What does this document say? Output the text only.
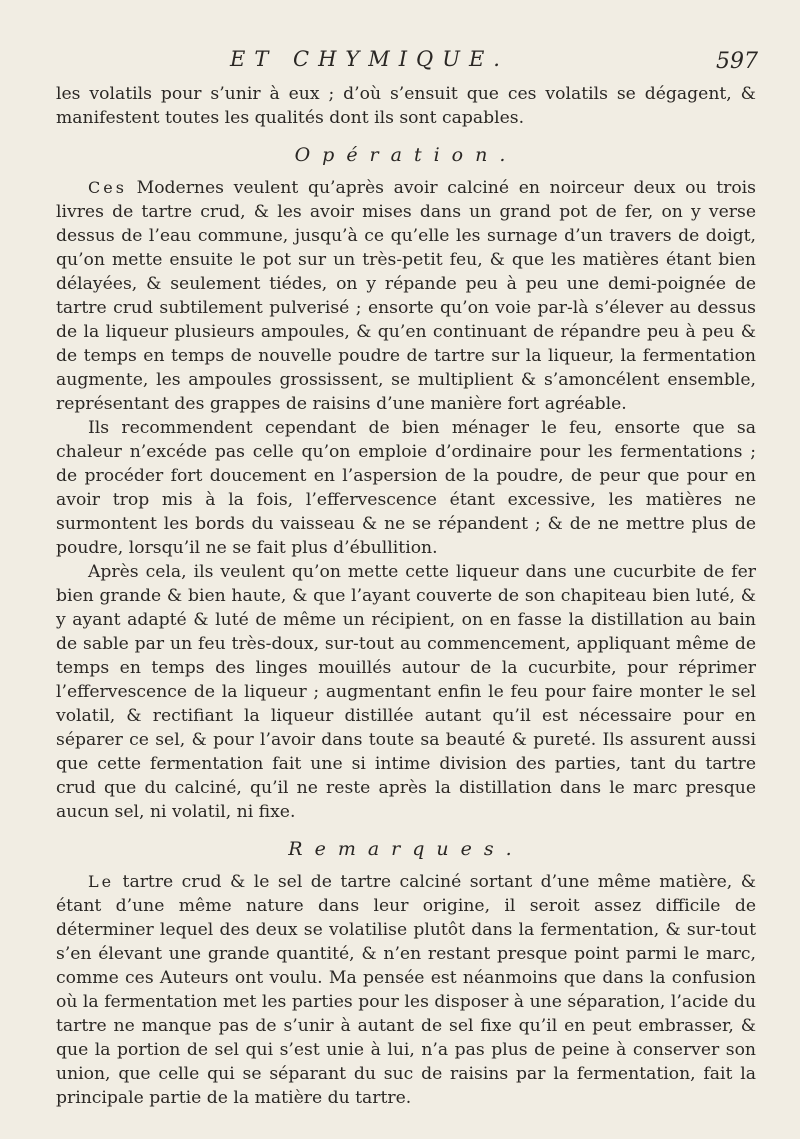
ET CHYMIQUE.	597

les volatils pour s’unir à eux ; d’où s’ensuit que ces volatils se dégagent, & manifestent toutes les qualités dont ils sont capables.

Opération.

Ces Modernes veulent qu’après avoir calciné en noirceur deux ou trois livres de tartre crud, & les avoir mises dans un grand pot de fer, on y verse dessus de l’eau commune, jusqu’à ce qu’elle les surnage d’un travers de doigt, qu’on mette ensuite le pot sur un très-petit feu, & que les matières étant bien délayées, & seulement tiédes, on y répande peu à peu une demi-poignée de tartre crud subtilement pulverisé ; ensorte qu’on voie par-là s’élever au dessus de la liqueur plusieurs ampoules, & qu’en continuant de répandre peu à peu & de temps en temps de nouvelle poudre de tartre sur la liqueur, la fermentation augmente, les ampoules grossissent, se multiplient & s’amoncélent ensemble, représentant des grappes de raisins d’une manière fort agréable.

Ils recommendent cependant de bien ménager le feu, ensorte que sa chaleur n’excéde pas celle qu’on emploie d’ordinaire pour les fermentations ; de procéder fort doucement en l’aspersion de la poudre, de peur que pour en avoir trop mis à la fois, l’effervescence étant excessive, les matières ne surmontent les bords du vaisseau & ne se répandent ; & de ne mettre plus de poudre, lorsqu’il ne se fait plus d’ébullition.

Après cela, ils veulent qu’on mette cette liqueur dans une cucurbite de fer bien grande & bien haute, & que l’ayant couverte de son chapiteau bien luté, & y ayant adapté & luté de même un récipient, on en fasse la distillation au bain de sable par un feu très-doux, sur-tout au commencement, appliquant même de temps en temps des linges mouillés autour de la cucurbite, pour réprimer l’effervescence de la liqueur ; augmentant enfin le feu pour faire monter le sel volatil, & rectifiant la liqueur distillée autant qu’il est nécessaire pour en séparer ce sel, & pour l’avoir dans toute sa beauté & pureté. Ils assurent aussi que cette fermentation fait une si intime division des parties, tant du tartre crud que du calciné, qu’il ne reste après la distillation dans le marc presque aucun sel, ni volatil, ni fixe.

Remarques.

Le tartre crud & le sel de tartre calciné sortant d’une même matière, & étant d’une même nature dans leur origine, il seroit assez difficile de déterminer lequel des deux se volatilise plutôt dans la fermentation, & sur-tout s’en élevant une grande quantité, & n’en restant presque point parmi le marc, comme ces Auteurs ont voulu. Ma pensée est néanmoins que dans la confusion où la fermentation met les parties pour les disposer à une séparation, l’acide du tartre ne manque pas de s’unir à autant de sel fixe qu’il en peut embrasser, & que la portion de sel qui s’est unie à lui, n’a pas plus de peine à conserver son union, que celle qui se séparant du suc de raisins par la fermentation, fait la principale partie de la matière du tartre.
